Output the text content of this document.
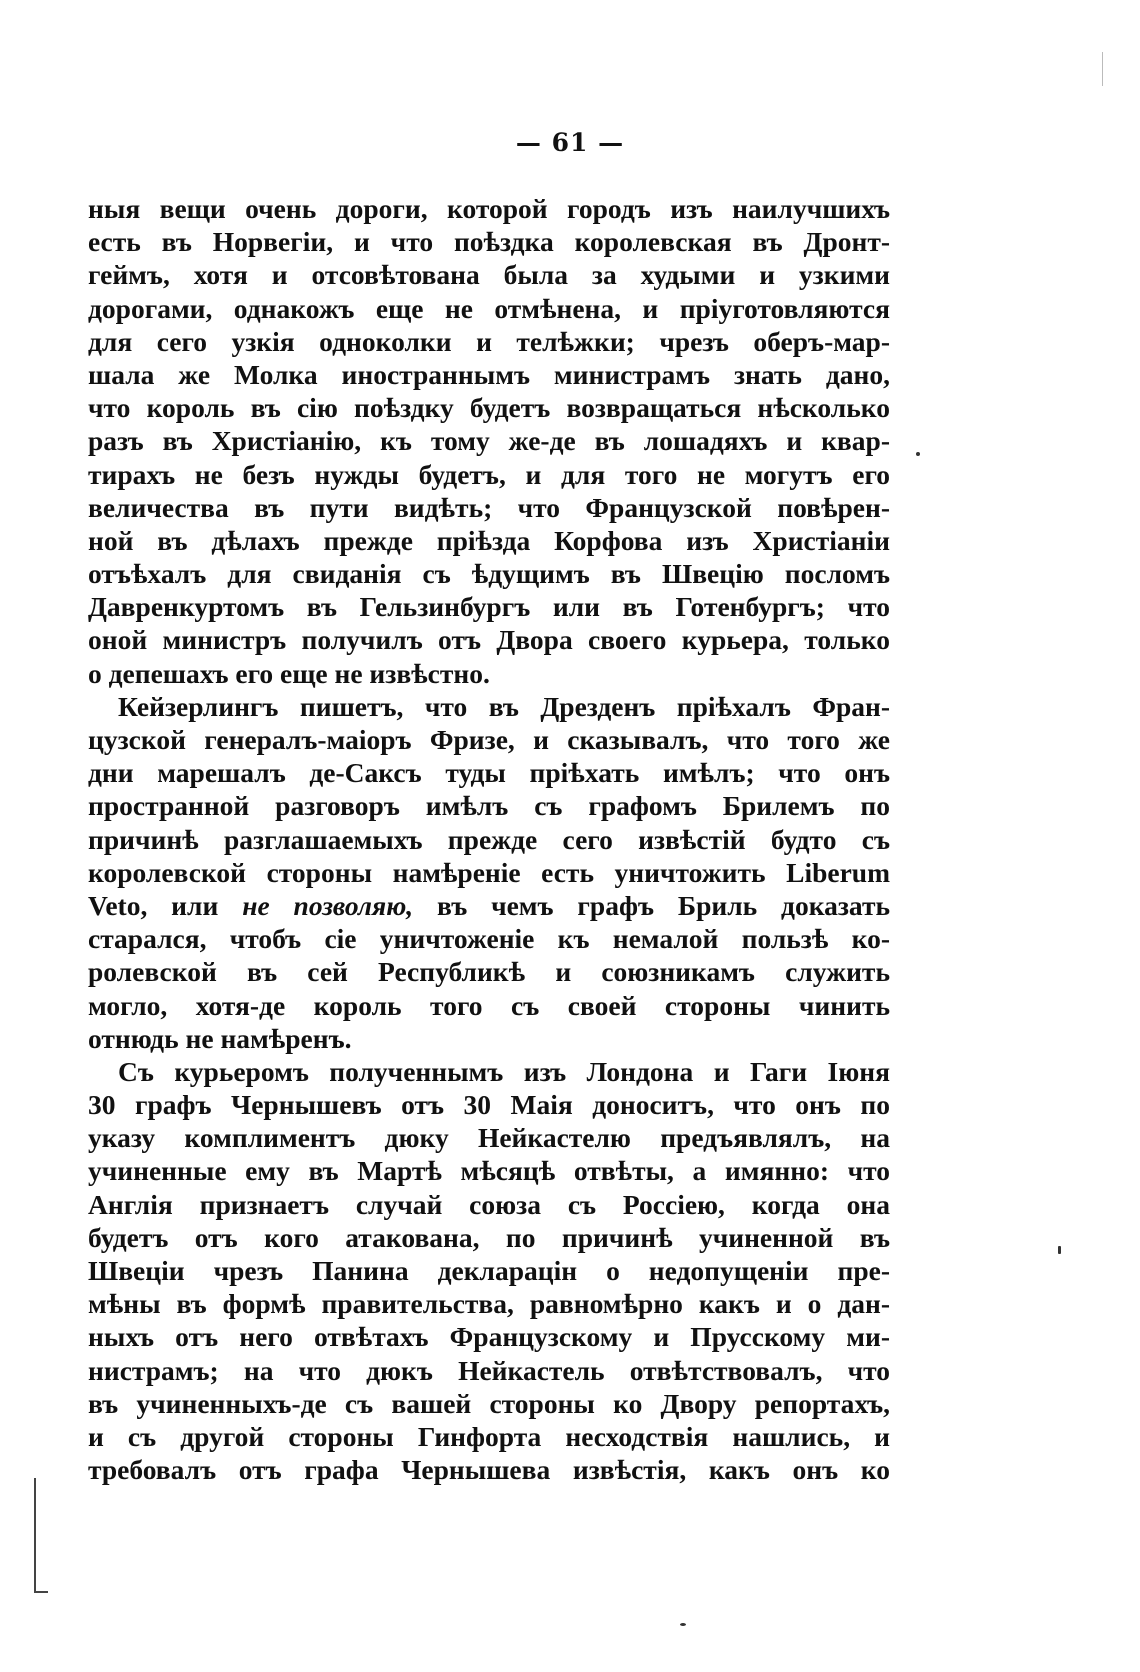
— 61 —
ныя вещи очень дороги, которой городъ изъ наилучшихъ
есть въ Норвегіи, и что поѣздка королевская въ Дронт-
геймъ, хотя и отсовѣтована была за худыми и узкими
дорогами, однакожъ еще не отмѣнена, и пріуготовляются
для сего узкія одноколки и телѣжки; чрезъ оберъ-мар-
шала же Молка иностраннымъ министрамъ знать дано,
что король въ сію поѣздку будетъ возвращаться нѣсколько
разъ въ Христіанію, къ тому же-де въ лошадяхъ и квар-
тирахъ не безъ нужды будетъ, и для того не могутъ его
величества въ пути видѣть; что Французской повѣрен-
ной въ дѣлахъ прежде пріѣзда Корфова изъ Христіаніи
отъѣхалъ для свиданія съ ѣдущимъ въ Швецію посломъ
Давренкуртомъ въ Гельзинбургъ или въ Готенбургъ; что
оной министръ получилъ отъ Двора своего курьера, только
о депешахъ его еще не извѣстно.
Кейзерлингъ пишетъ, что въ Дрезденъ пріѣхалъ Фран-
цузской генералъ-маіоръ Фризе, и сказывалъ, что того же
дни марешалъ де-Саксъ туды пріѣхать имѣлъ; что онъ
пространной разговоръ имѣлъ съ графомъ Брилемъ по
причинѣ разглашаемыхъ прежде сего извѣстій будто съ
королевской стороны намѣреніе есть уничтожить Liberum
Veto, или не позволяю, въ чемъ графъ Бриль доказать
старался, чтобъ сіе уничтоженіе къ немалой пользѣ ко-
ролевской въ сей Республикѣ и союзникамъ служить
могло, хотя-де король того съ своей стороны чинить
отнюдь не намѣренъ.
Съ курьеромъ полученнымъ изъ Лондона и Гаги Іюня
30 графъ Чернышевъ отъ 30 Маія доноситъ, что онъ по
указу комплиментъ дюку Нейкастелю предъявлялъ, на
учиненные ему въ Мартѣ мѣсяцѣ отвѣты, а имянно: что
Англія признаетъ случай союза съ Россіею, когда она
будетъ отъ кого атакована, по причинѣ учиненной въ
Швеціи чрезъ Панина декларацін о недопущеніи пре-
мѣны въ формѣ правительства, равномѣрно какъ и о дан-
ныхъ отъ него отвѣтахъ Французскому и Прусскому ми-
нистрамъ; на что дюкъ Нейкастель отвѣтствовалъ, что
въ учиненныхъ-де съ вашей стороны ко Двору репортахъ,
и съ другой стороны Гинфорта несходствія нашлись, и
требовалъ отъ графа Чернышева извѣстія, какъ онъ ко
